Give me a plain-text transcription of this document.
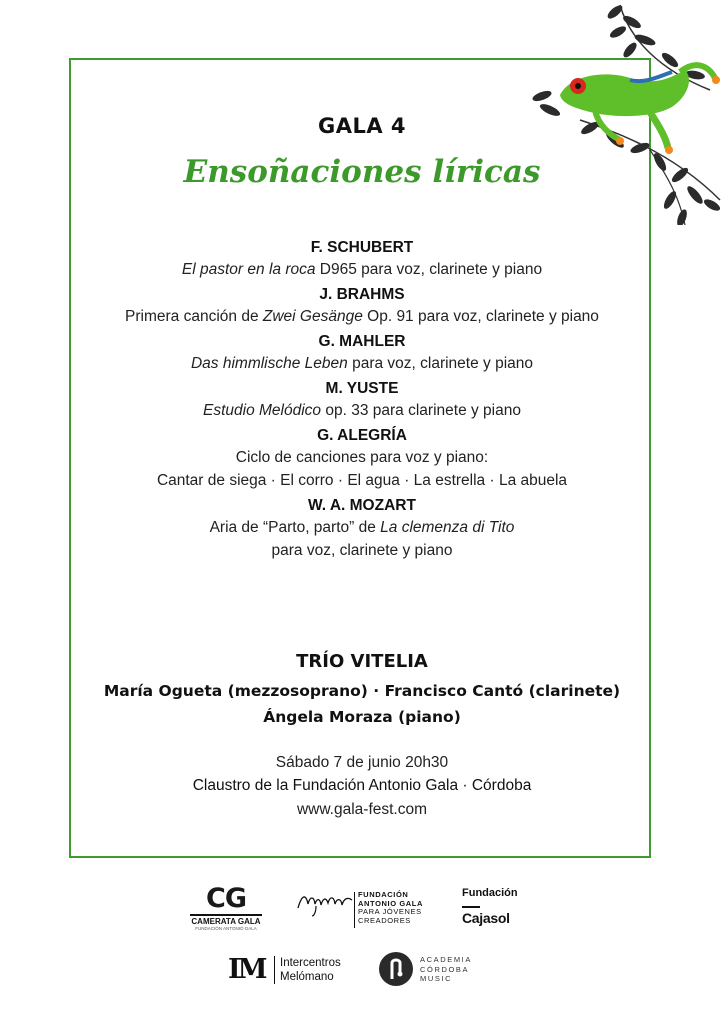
GALA 4
Ensoñaciones líricas
F. SCHUBERT
El pastor en la roca D965 para voz, clarinete y piano
J. BRAHMS
Primera canción de Zwei Gesänge Op. 91 para voz, clarinete y piano
G. MAHLER
Das himmlische Leben para voz, clarinete y piano
M. YUSTE
Estudio Melódico op. 33 para clarinete y piano
G. ALEGRÍA
Ciclo de canciones para voz y piano:
Cantar de siega · El corro · El agua · La estrella · La abuela
W. A. MOZART
Aria de “Parto, parto” de La clemenza di Tito
para voz, clarinete y piano
TRÍO VITELIA
María Ogueta (mezzosoprano) · Francisco Cantó (clarinete)
Ángela Moraza (piano)
Sábado 7 de junio 20h30
Claustro de la Fundación Antonio Gala · Córdoba
www.gala-fest.com
CG
CAMERATA GALA
FUNDACIÓN ANTONIO GALA
FUNDACIÓN
ANTONIO GALA
PARA JÓVENES
CREADORES
Fundación
Cajasol
IM Intercentros
Melómano
ACADEMIA
CÓRDOBA
MUSIC
